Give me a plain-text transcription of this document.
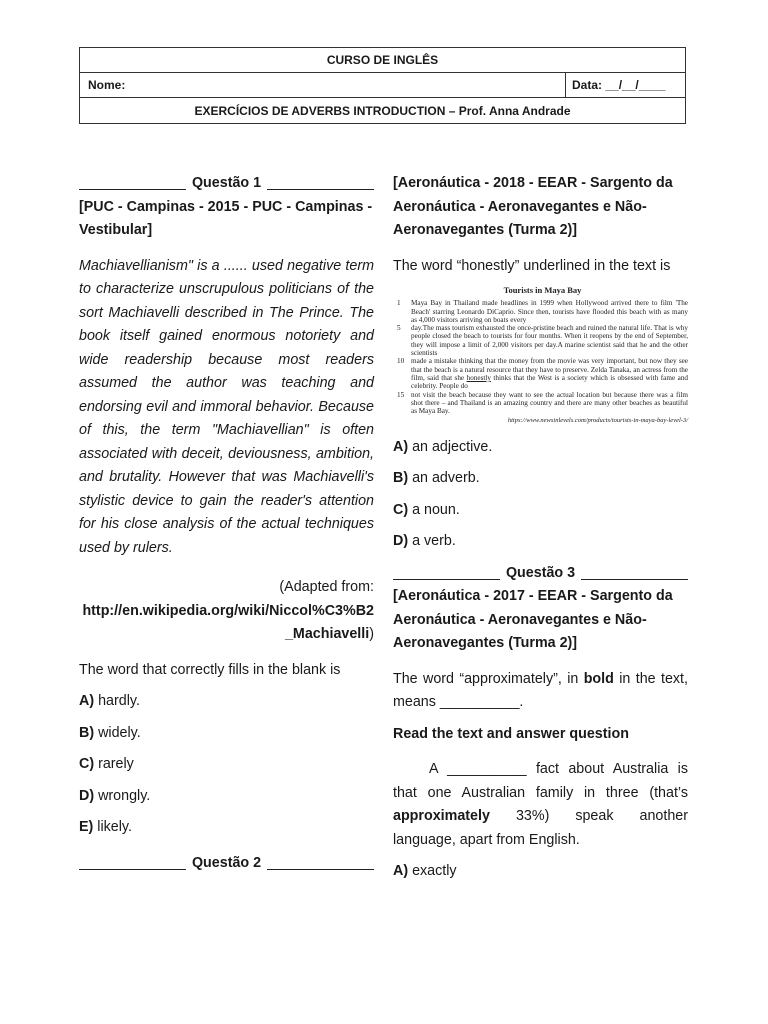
CURSO DE INGLÊS
Nome:	Data: __/__/____
EXERCÍCIOS DE ADVERBS INTRODUCTION – Prof. Anna Andrade
Questão 1

[PUC - Campinas - 2015 - PUC - Campinas - Vestibular]

Machiavellianism" is a ...... used negative term to characterize unscrupulous politicians of the sort Machiavelli described in The Prince. The book itself gained enormous notoriety and wide readership because most readers assumed the author was teaching and endorsing evil and immoral behavior. Because of this, the term "Machiavellian" is often associated with deceit, deviousness, ambition, and brutality. However that was Machiavelli's stylistic device to gain the reader's attention for his close analysis of the actual techniques used by rulers.

(Adapted from:

http://en.wikipedia.org/wiki/Niccol%C3%B2_Machiavelli)

The word that correctly fills in the blank is

A) hardly.

B) widely.

C) rarely

D) wrongly.

E) likely.

Questão 2

[Aeronáutica - 2018 - EEAR - Sargento da Aeronáutica - Aeronavegantes e Não-Aeronavegantes (Turma 2)]

The word “honestly” underlined in the text is

Tourists in Maya Bay
1	Maya Bay in Thailand made headlines in 1999 when Hollywood arrived there to film 'The Beach' starring Leonardo DiCaprio. Since then, tourists have flooded this beach with as many as 4,000 visitors arriving on boats every
5	day.The mass tourism exhausted the once-pristine beach and ruined the natural life. That is why people closed the beach to tourists for four months. When it reopens by the end of September, they will impose a limit of 2,000 visitors per day.A marine scientist said that he and the other scientists
10 made a mistake thinking that the money from the movie was very important, but now they see that the beach is a natural resource that they have to preserve. Zelda Tanaka, an actress from the film, said that she honestly thinks that the West is a society which is obsessed with fame and celebrity. People do
15 not visit the beach because they want to see the actual location but because there was a film shot there – and Thailand is an amazing country and there are many other beaches as beautiful as Maya Bay.
https://www.newsinlevels.com/products/tourists-in-maya-bay-level-3/

A) an adjective.

B) an adverb.

C) a noun.

D) a verb.

Questão 3

[Aeronáutica - 2017 - EEAR - Sargento da Aeronáutica - Aeronavegantes e Não-Aeronavegantes (Turma 2)]

The word “approximately”, in bold in the text, means __________.

Read the text and answer question

A __________ fact about Australia is that one Australian family in three (that’s approximately 33%) speak another language, apart from English.

A) exactly
